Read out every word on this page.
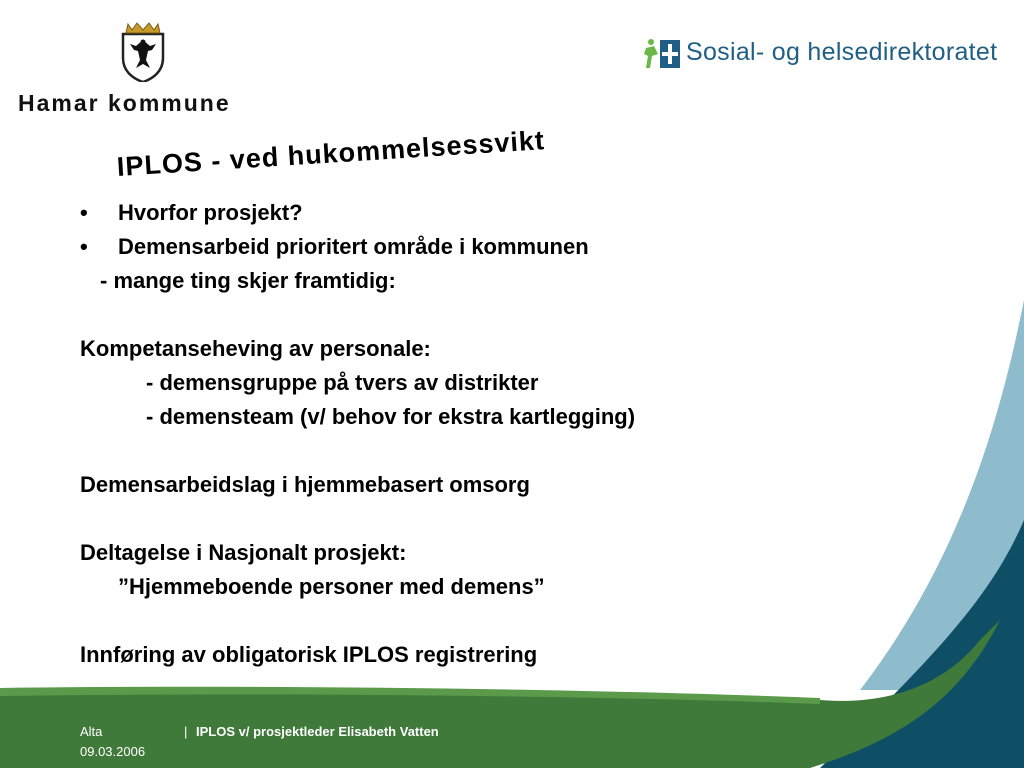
Hamar kommune
Sosial- og helsedirektoratet
IPLOS - ved hukommelsessvikt
• Hvorfor prosjekt?
• Demensarbeid prioritert område i kommunen
- mange ting skjer framtidig:
Kompetanseheving av personale:
- demensgruppe på tvers av distrikter
- demensteam (v/ behov for ekstra kartlegging)
Demensarbeidslag i hjemmebasert omsorg
Deltagelse i Nasjonalt prosjekt:
”Hjemmeboende personer med demens”
Innføring av obligatorisk IPLOS registrering
Alta	| IPLOS v/ prosjektleder Elisabeth Vatten
09.03.2006
